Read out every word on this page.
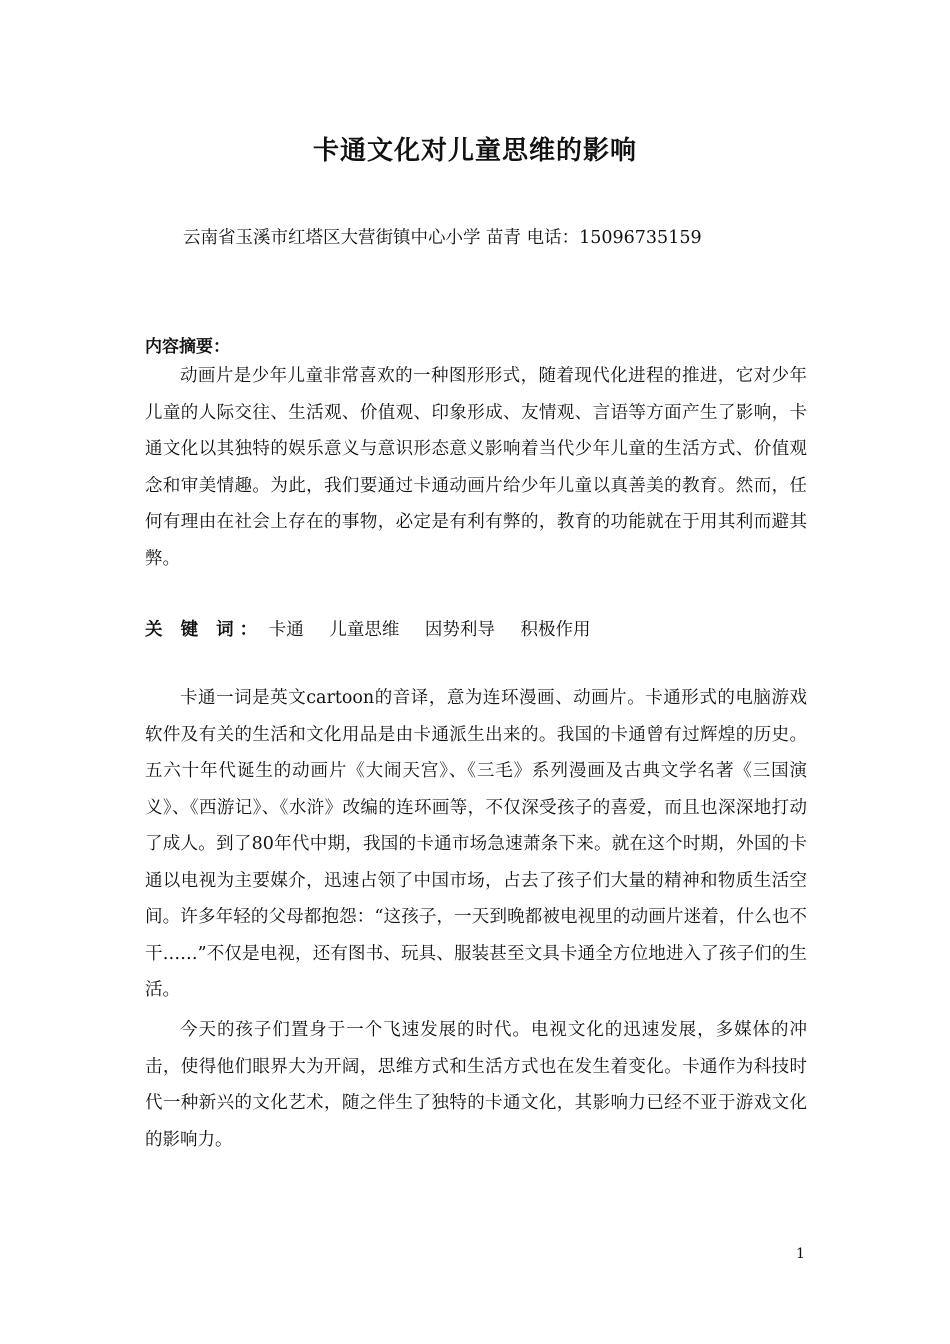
卡通文化对儿童思维的影响
云南省玉溪市红塔区大营街镇中心小学 苗青 电话：15096735159
内容摘要：

动画片是少年儿童非常喜欢的一种图形形式，随着现代化进程的推进，它对少年儿童的人际交往、生活观、价值观、印象形成、友情观、言语等方面产生了影响，卡通文化以其独特的娱乐意义与意识形态意义影响着当代少年儿童的生活方式、价值观念和审美情趣。为此，我们要通过卡通动画片给少年儿童以真善美的教育。然而，任何有理由在社会上存在的事物，必定是有利有弊的，教育的功能就在于用其利而避其弊。

关 键 词： 卡通 儿童思维 因势利导 积极作用

卡通一词是英文cartoon的音译，意为连环漫画、动画片。卡通形式的电脑游戏软件及有关的生活和文化用品是由卡通派生出来的。我国的卡通曾有过辉煌的历史。五六十年代诞生的动画片《大闹天宫》、《三毛》系列漫画及古典文学名著《三国演义》、《西游记》、《水浒》改编的连环画等，不仅深受孩子的喜爱，而且也深深地打动了成人。到了80年代中期，我国的卡通市场急速萧条下来。就在这个时期，外国的卡通以电视为主要媒介，迅速占领了中国市场，占去了孩子们大量的精神和物质生活空间。许多年轻的父母都抱怨：“这孩子，一天到晚都被电视里的动画片迷着，什么也不干……”不仅是电视，还有图书、玩具、服装甚至文具卡通全方位地进入了孩子们的生活。

今天的孩子们置身于一个飞速发展的时代。电视文化的迅速发展，多媒体的冲击，使得他们眼界大为开阔，思维方式和生活方式也在发生着变化。卡通作为科技时代一种新兴的文化艺术，随之伴生了独特的卡通文化，其影响力已经不亚于游戏文化的影响力。

1
